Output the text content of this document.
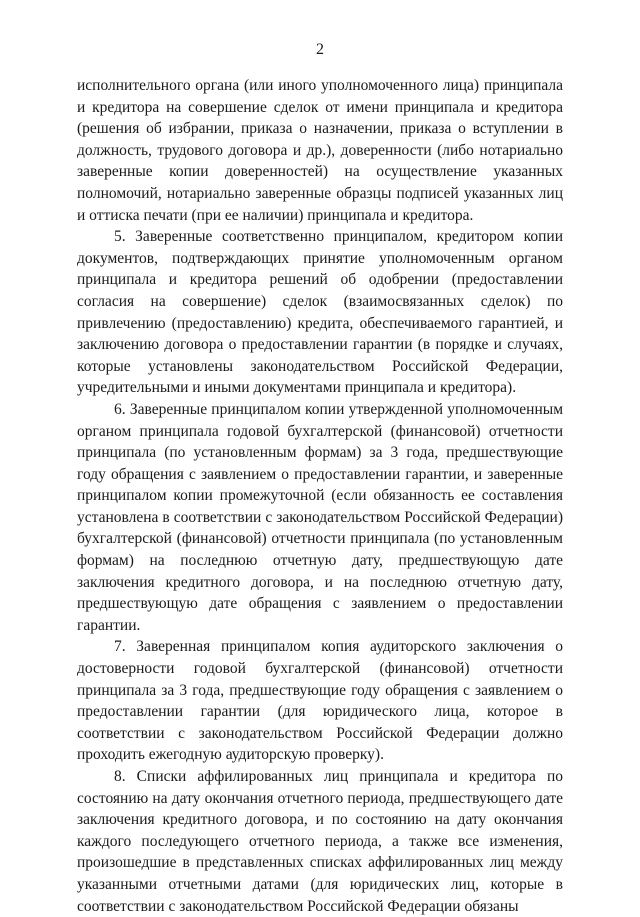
2

исполнительного органа (или иного уполномоченного лица) принципала и кредитора на совершение сделок от имени принципала и кредитора (решения об избрании, приказа о назначении, приказа о вступлении в должность, трудового договора и др.), доверенности (либо нотариально заверенные копии доверенностей) на осуществление указанных полномочий, нотариально заверенные образцы подписей указанных лиц и оттиска печати (при ее наличии) принципала и кредитора.

5. Заверенные соответственно принципалом, кредитором копии документов, подтверждающих принятие уполномоченным органом принципала и кредитора решений об одобрении (предоставлении согласия на совершение) сделок (взаимосвязанных сделок) по привлечению (предоставлению) кредита, обеспечиваемого гарантией, и заключению договора о предоставлении гарантии (в порядке и случаях, которые установлены законодательством Российской Федерации, учредительными и иными документами принципала и кредитора).

6. Заверенные принципалом копии утвержденной уполномоченным органом принципала годовой бухгалтерской (финансовой) отчетности принципала (по установленным формам) за 3 года, предшествующие году обращения с заявлением о предоставлении гарантии, и заверенные принципалом копии промежуточной (если обязанность ее составления установлена в соответствии с законодательством Российской Федерации) бухгалтерской (финансовой) отчетности принципала (по установленным формам) на последнюю отчетную дату, предшествующую дате заключения кредитного договора, и на последнюю отчетную дату, предшествующую дате обращения с заявлением о предоставлении гарантии.

7. Заверенная принципалом копия аудиторского заключения о достоверности годовой бухгалтерской (финансовой) отчетности принципала за 3 года, предшествующие году обращения с заявлением о предоставлении гарантии (для юридического лица, которое в соответствии с законодательством Российской Федерации должно проходить ежегодную аудиторскую проверку).

8. Списки аффилированных лиц принципала и кредитора по состоянию на дату окончания отчетного периода, предшествующего дате заключения кредитного договора, и по состоянию на дату окончания каждого последующего отчетного периода, а также все изменения, произошедшие в представленных списках аффилированных лиц между указанными отчетными датами (для юридических лиц, которые в соответствии с законодательством Российской Федерации обязаны
